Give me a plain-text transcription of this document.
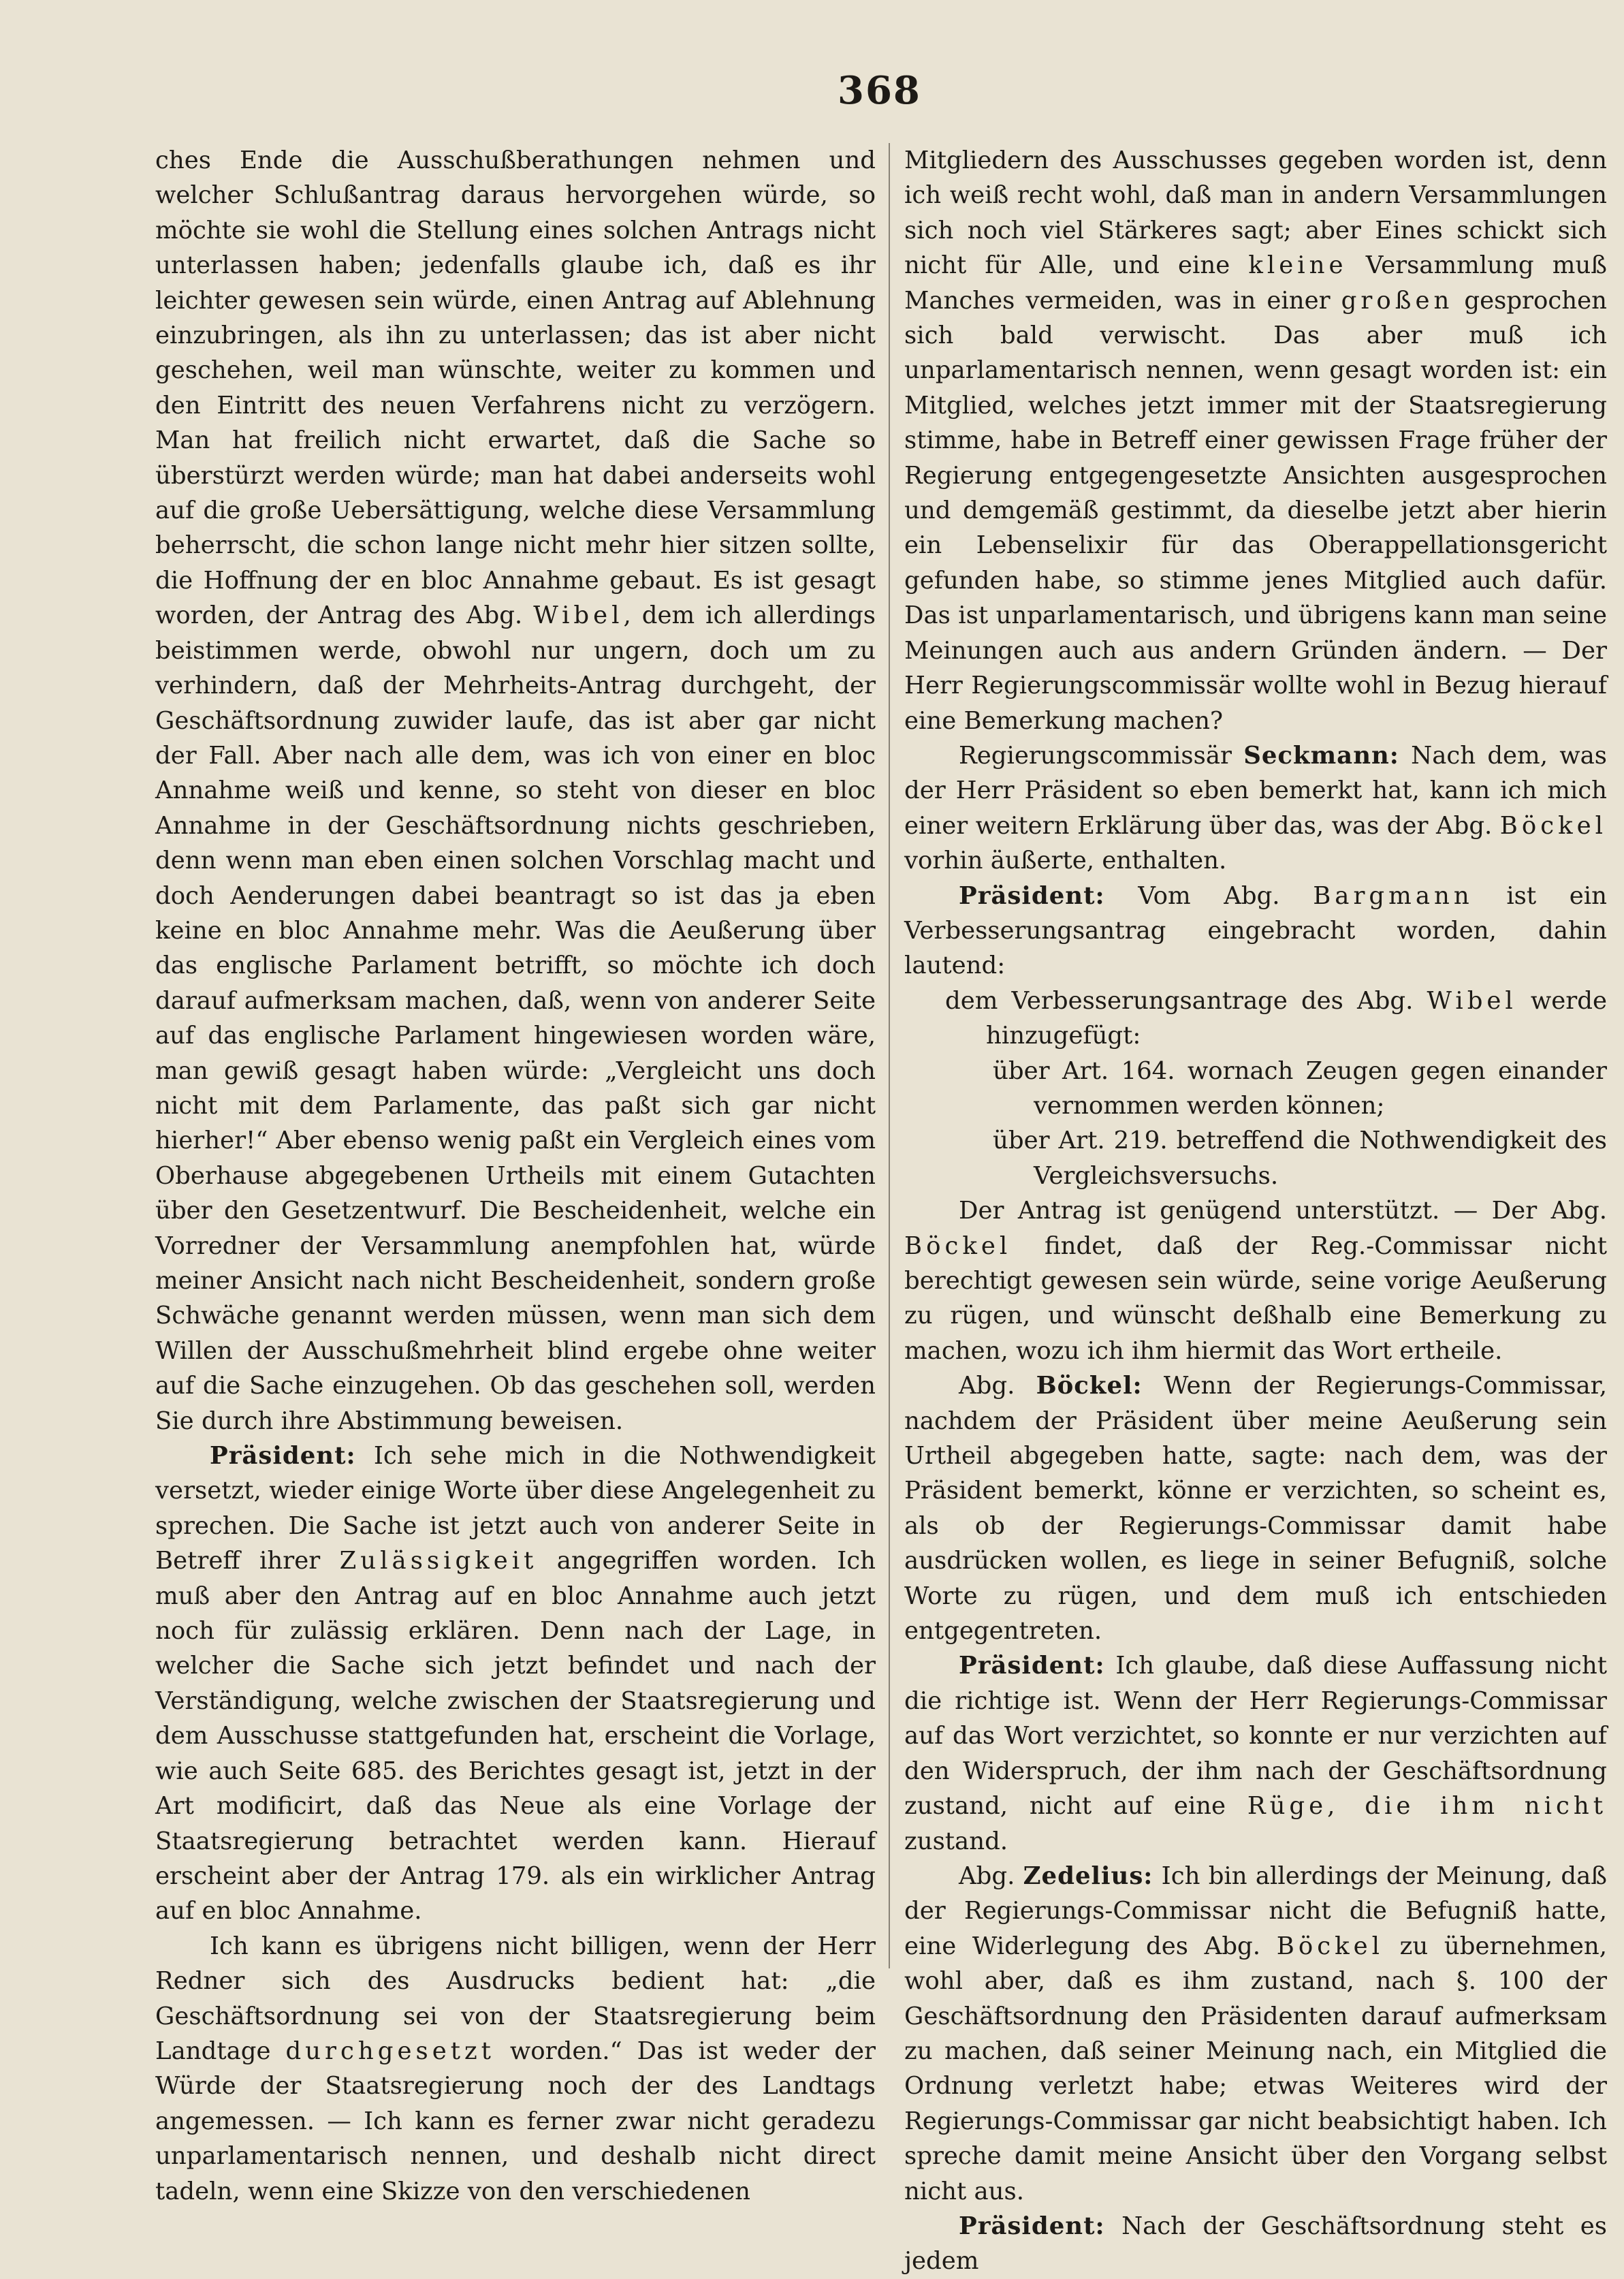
368

ches Ende die Ausschußberathungen nehmen und welcher Schlußantrag daraus hervorgehen würde, so möchte sie wohl die Stellung eines solchen Antrags nicht unterlassen haben; jedenfalls glaube ich, daß es ihr leichter gewesen sein würde, einen Antrag auf Ablehnung einzubringen, als ihn zu unterlassen; das ist aber nicht geschehen, weil man wünschte, weiter zu kommen und den Eintritt des neuen Verfahrens nicht zu verzögern. Man hat freilich nicht erwartet, daß die Sache so überstürzt werden würde; man hat dabei anderseits wohl auf die große Uebersättigung, welche diese Versammlung beherrscht, die schon lange nicht mehr hier sitzen sollte, die Hoffnung der en bloc Annahme gebaut. Es ist gesagt worden, der Antrag des Abg. Wibel, dem ich allerdings beistimmen werde, obwohl nur ungern, doch um zu verhindern, daß der Mehrheits-Antrag durchgeht, der Geschäftsordnung zuwider laufe, das ist aber gar nicht der Fall. Aber nach alle dem, was ich von einer en bloc Annahme weiß und kenne, so steht von dieser en bloc Annahme in der Geschäftsordnung nichts geschrieben, denn wenn man eben einen solchen Vorschlag macht und doch Aenderungen dabei beantragt so ist das ja eben keine en bloc Annahme mehr. Was die Aeußerung über das englische Parlament betrifft, so möchte ich doch darauf aufmerksam machen, daß, wenn von anderer Seite auf das englische Parlament hingewiesen worden wäre, man gewiß gesagt haben würde: „Vergleicht uns doch nicht mit dem Parlamente, das paßt sich gar nicht hierher!“ Aber ebenso wenig paßt ein Vergleich eines vom Oberhause abgegebenen Urtheils mit einem Gutachten über den Gesetzentwurf. Die Bescheidenheit, welche ein Vorredner der Versammlung anempfohlen hat, würde meiner Ansicht nach nicht Bescheidenheit, sondern große Schwäche genannt werden müssen, wenn man sich dem Willen der Ausschußmehrheit blind ergebe ohne weiter auf die Sache einzugehen. Ob das geschehen soll, werden Sie durch ihre Abstimmung beweisen.

Präsident: Ich sehe mich in die Nothwendigkeit versetzt, wieder einige Worte über diese Angelegenheit zu sprechen. Die Sache ist jetzt auch von anderer Seite in Betreff ihrer Zulässigkeit angegriffen worden. Ich muß aber den Antrag auf en bloc Annahme auch jetzt noch für zulässig erklären. Denn nach der Lage, in welcher die Sache sich jetzt befindet und nach der Verständigung, welche zwischen der Staatsregierung und dem Ausschusse stattgefunden hat, erscheint die Vorlage, wie auch Seite 685. des Berichtes gesagt ist, jetzt in der Art modificirt, daß das Neue als eine Vorlage der Staatsregierung betrachtet werden kann. Hierauf erscheint aber der Antrag 179. als ein wirklicher Antrag auf en bloc Annahme.

Ich kann es übrigens nicht billigen, wenn der Herr Redner sich des Ausdrucks bedient hat: „die Geschäftsordnung sei von der Staatsregierung beim Landtage durchgesetzt worden.“ Das ist weder der Würde der Staatsregierung noch der des Landtags angemessen. — Ich kann es ferner zwar nicht geradezu unparlamentarisch nennen, und deshalb nicht direct tadeln, wenn eine Skizze von den verschiedenen

Mitgliedern des Ausschusses gegeben worden ist, denn ich weiß recht wohl, daß man in andern Versammlungen sich noch viel Stärkeres sagt; aber Eines schickt sich nicht für Alle, und eine kleine Versammlung muß Manches vermeiden, was in einer großen gesprochen sich bald verwischt. Das aber muß ich unparlamentarisch nennen, wenn gesagt worden ist: ein Mitglied, welches jetzt immer mit der Staatsregierung stimme, habe in Betreff einer gewissen Frage früher der Regierung entgegengesetzte Ansichten ausgesprochen und demgemäß gestimmt, da dieselbe jetzt aber hierin ein Lebenselixir für das Oberappellationsgericht gefunden habe, so stimme jenes Mitglied auch dafür. Das ist unparlamentarisch, und übrigens kann man seine Meinungen auch aus andern Gründen ändern. — Der Herr Regierungscommissär wollte wohl in Bezug hierauf eine Bemerkung machen?

Regierungscommissär Seckmann: Nach dem, was der Herr Präsident so eben bemerkt hat, kann ich mich einer weitern Erklärung über das, was der Abg. Böckel vorhin äußerte, enthalten.

Präsident: Vom Abg. Bargmann ist ein Verbesserungsantrag eingebracht worden, dahin lautend:

dem Verbesserungsantrage des Abg. Wibel werde hinzugefügt:

über Art. 164. wornach Zeugen gegen einander vernommen werden können;

über Art. 219. betreffend die Nothwendigkeit des Vergleichsversuchs.

Der Antrag ist genügend unterstützt. — Der Abg. Böckel findet, daß der Reg.-Commissar nicht berechtigt gewesen sein würde, seine vorige Aeußerung zu rügen, und wünscht deßhalb eine Bemerkung zu machen, wozu ich ihm hiermit das Wort ertheile.

Abg. Böckel: Wenn der Regierungs-Commissar, nachdem der Präsident über meine Aeußerung sein Urtheil abgegeben hatte, sagte: nach dem, was der Präsident bemerkt, könne er verzichten, so scheint es, als ob der Regierungs-Commissar damit habe ausdrücken wollen, es liege in seiner Befugniß, solche Worte zu rügen, und dem muß ich entschieden entgegentreten.

Präsident: Ich glaube, daß diese Auffassung nicht die richtige ist. Wenn der Herr Regierungs-Commissar auf das Wort verzichtet, so konnte er nur verzichten auf den Widerspruch, der ihm nach der Geschäftsordnung zustand, nicht auf eine Rüge, die ihm nicht zustand.

Abg. Zedelius: Ich bin allerdings der Meinung, daß der Regierungs-Commissar nicht die Befugniß hatte, eine Widerlegung des Abg. Böckel zu übernehmen, wohl aber, daß es ihm zustand, nach §. 100 der Geschäftsordnung den Präsidenten darauf aufmerksam zu machen, daß seiner Meinung nach, ein Mitglied die Ordnung verletzt habe; etwas Weiteres wird der Regierungs-Commissar gar nicht beabsichtigt haben. Ich spreche damit meine Ansicht über den Vorgang selbst nicht aus.

Präsident: Nach der Geschäftsordnung steht es jedem
